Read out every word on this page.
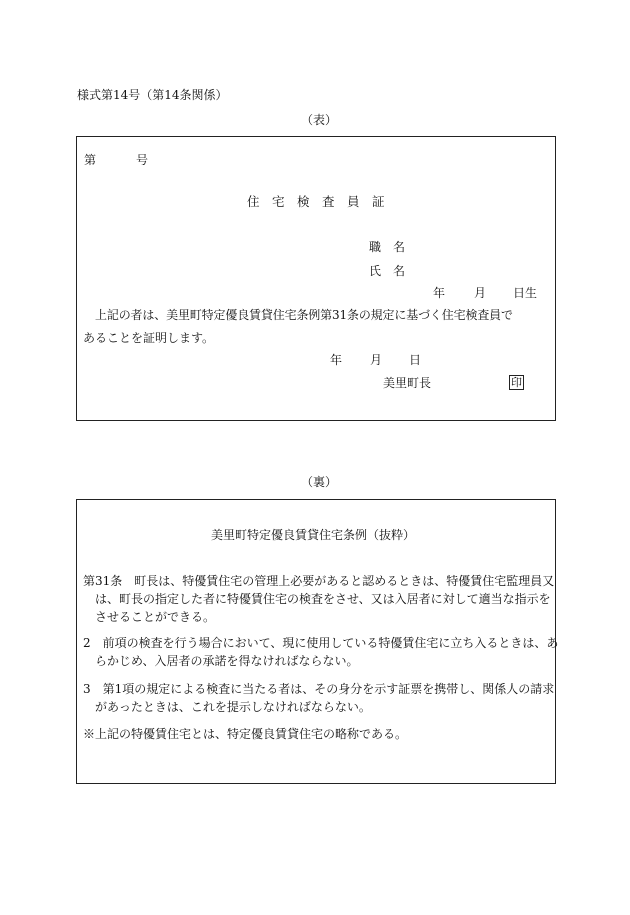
様式第14号（第14条関係）
（表）
第	号
住　宅　検　査　員　証
職　名
氏　名
年 月 日生
上記の者は、美里町特定優良賃貸住宅条例第31条の規定に基づく住宅検査員で
あることを証明します。
年 月 日
美里町長	印
（裏）
美里町特定優良賃貸住宅条例（抜粋）
第31条　町長は、特優賃住宅の管理上必要があると認めるときは、特優賃住宅監理員又は、町長の指定した者に特優賃住宅の検査をさせ、又は入居者に対して適当な指示をさせることができる。
2　前項の検査を行う場合において、現に使用している特優賃住宅に立ち入るときは、あらかじめ、入居者の承諾を得なければならない。
3　第1項の規定による検査に当たる者は、その身分を示す証票を携帯し、関係人の請求があったときは、これを提示しなければならない。
※上記の特優賃住宅とは、特定優良賃貸住宅の略称である。
